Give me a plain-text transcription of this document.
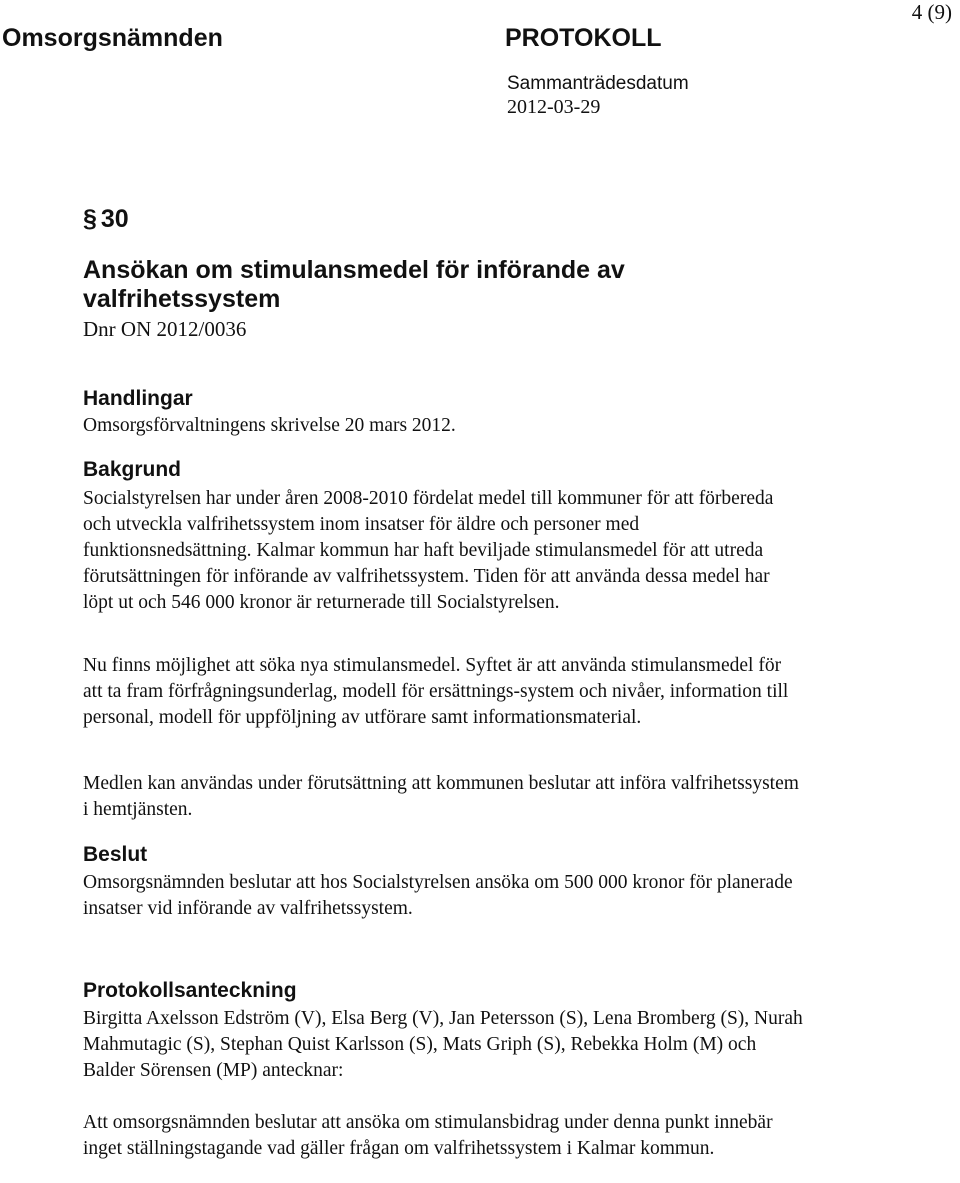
Omsorgsnämnden	PROTOKOLL
Sammanträdesdatum
2012-03-29
4 (9)
§ 30
Ansökan om stimulansmedel för införande av valfrihetssystem
Dnr ON 2012/0036
Handlingar
Omsorgsförvaltningens skrivelse 20 mars 2012.
Bakgrund
Socialstyrelsen har under åren 2008-2010 fördelat medel till kommuner för att förbereda och utveckla valfrihetssystem inom insatser för äldre och personer med funktionsnedsättning. Kalmar kommun har haft beviljade stimulansmedel för att utreda förutsättningen för införande av valfrihetssystem. Tiden för att använda dessa medel har löpt ut och 546 000 kronor är returnerade till Socialstyrelsen.
Nu finns möjlighet att söka nya stimulansmedel. Syftet är att använda stimulansmedel för att ta fram förfrågningsunderlag, modell för ersättnings-system och nivåer, information till personal, modell för uppföljning av utförare samt informationsmaterial.
Medlen kan användas under förutsättning att kommunen beslutar att införa valfrihetssystem i hemtjänsten.
Beslut
Omsorgsnämnden beslutar att hos Socialstyrelsen ansöka om 500 000 kronor för planerade insatser vid införande av valfrihetssystem.
Protokollsanteckning
Birgitta Axelsson Edström (V), Elsa Berg (V), Jan Petersson (S), Lena Bromberg (S), Nurah Mahmutagic (S), Stephan Quist Karlsson (S), Mats Griph (S), Rebekka Holm (M) och Balder Sörensen (MP) antecknar:
Att omsorgsnämnden beslutar att ansöka om stimulansbidrag under denna punkt innebär inget ställningstagande vad gäller frågan om valfrihetssystem i Kalmar kommun.
